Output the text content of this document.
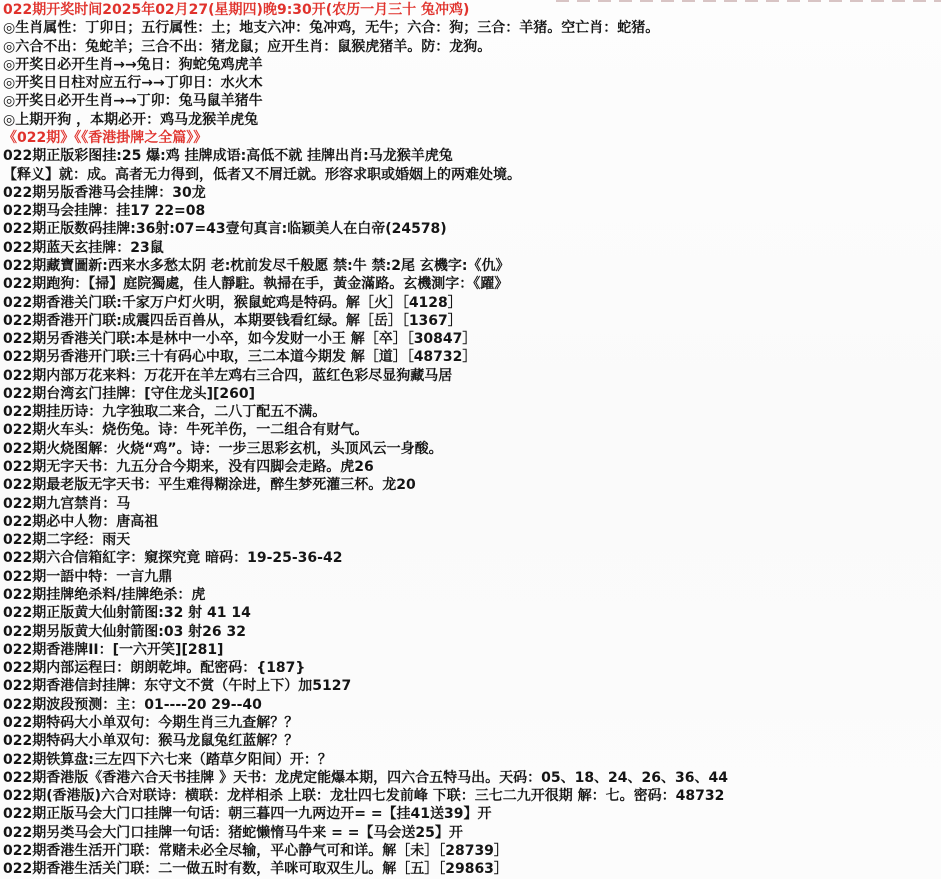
022期开奖时间2025年02月27(星期四)晚9:30开(农历一月三十 兔冲鸡)
◎生肖属性：丁卯日；五行属性：土；地支六冲：兔冲鸡，无牛；六合：狗；三合：羊猪。空亡肖：蛇猪。
◎六合不出：兔蛇羊；三合不出：猪龙鼠；应开生肖：鼠猴虎猪羊。防：龙狗。
◎开奖日必开生肖→→兔日：狗蛇兔鸡虎羊
◎开奖日日柱对应五行→→丁卯日：水火木
◎开奖日必开生肖→→丁卯：兔马鼠羊猪牛
◎上期开狗 ，本期必开：鸡马龙猴羊虎兔
《022期》《《香港掛牌之全篇》》
022期正版彩图挂:25 爆:鸡 挂牌成语:高低不就 挂牌出肖:马龙猴羊虎兔
【释义】就：成。高者无力得到，低者又不屑迁就。形容求职或婚姻上的两难处境。
022期另版香港马会挂牌：30龙
022期马会挂牌：挂17 22=08
022期正版数码挂牌:36射:07=43壹句真言:临颖美人在白帝(24578)
022期蓝天玄挂牌：23鼠
022期藏寶圖新:西来水多愁太阴 老:枕前发尽千般愿 禁:牛 禁:2尾 玄機字:《仇》
022期跑狗：【掃】庭院獨處，佳人靜駐。執掃在手，黃金滿路。玄機測字：《躍》
022期香港关门联:千家万户灯火明，猴鼠蛇鸡是特码。解［火］［4128］
022期香港开门联:成震四岳百兽从，本期要钱看红绿。解［岳］［1367］
022期另香港关门联:本是林中一小卒，如今发财一小王 解［卒］［30847］
022期另香港开门联:三十有码心中取，三二本道今期发 解［道］［48732］
022期内部万花来料：万花开在羊左鸡右三合四，蓝红色彩尽显狗藏马居
022期台湾玄门挂牌：[守住龙头][260]
022期挂历诗：九字独取二来合，二八丁配五不满。
022期火车头：烧伤兔。诗：牛死羊伤，一二组合有财气。
022期火烧图解：火烧“鸡”。诗：一步三思彩玄机，头顶风云一身酸。
022期无字天书：九五分合今期来，没有四脚会走路。虎26
022期最老版无字天书：平生难得糊涂进，醉生梦死灌三杯。龙20
022期九宫禁肖：马
022期必中人物：唐高祖
022期二字经：雨天
022期六合信箱紅字：窺探究竟 暗码：19-25-36-42
022期一語中特：一言九鼎
022期挂牌绝杀料/挂牌绝杀：虎
022期正版黄大仙射箭图:32 射 41 14
022期另版黄大仙射箭图:03 射26 32
022期香港牌II：[一六开笑][281]
022期内部运程曰：朗朗乾坤。配密码：{187}
022期香港信封挂牌：东守文不赏（午时上下）加5127
022期波段预测：主：01----20 29--40
022期特码大小单双句：今期生肖三九查解？？
022期特码大小单双句：猴马龙鼠兔红蓝解？？
022期铁算盘:三左四下六七来（踏草夕阳间）开：？
022期香港版《香港六合天书挂牌 》天书：龙虎定能爆本期，四六合五特马出。天码：05、18、24、26、36、44
022期(香港版)六合对联诗：横联：龙样相杀 上联：龙壮四七发前峰 下联：三七二九开很期 解：七。密码：48732
022期正版马会大门口挂牌一句话：朝三暮四一九两边开= =【挂41送39】开
022期另类马会大门口挂牌一句话：猪蛇懒惰马牛来 = =【马会送25】开
022期香港生活开门联：常赌未必全尽输，平心静气可和详。解［未］［28739］
022期香港生活关门联：二一做五时有数，羊咪可取双生儿。解［五］［29863］
